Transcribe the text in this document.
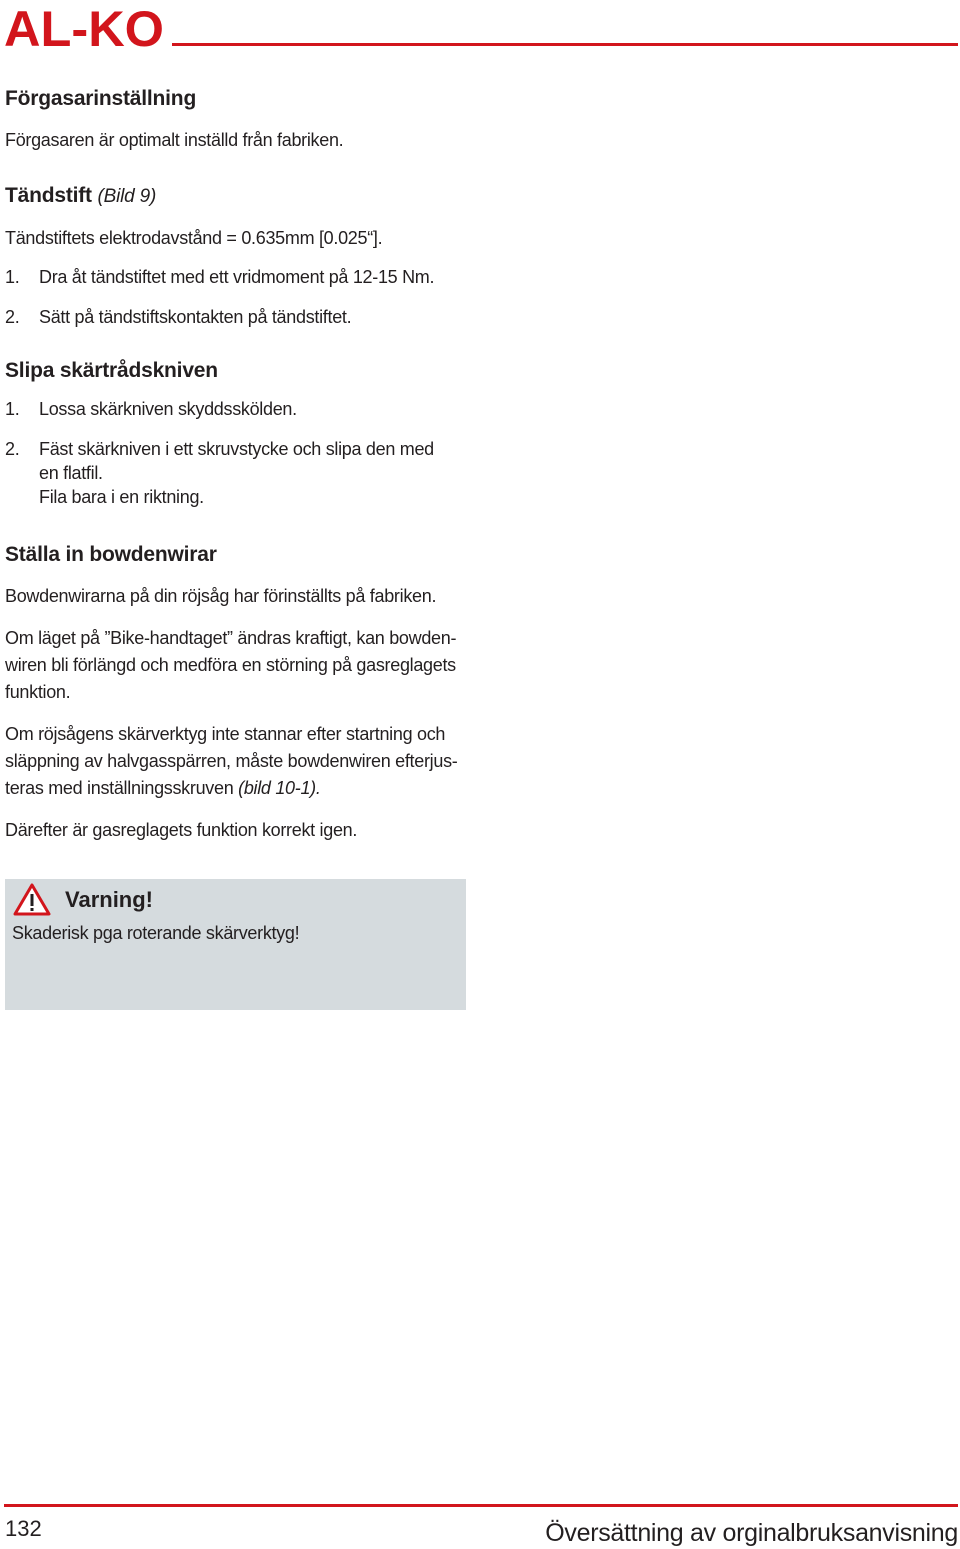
AL-KO
Förgasarinställning

Förgasaren är optimalt inställd från fabriken.

Tändstift (Bild 9)

Tändstiftets elektrodavstånd = 0.635mm [0.025“].

1.	Dra åt tändstiftet med ett vridmoment på 12-15 Nm.
2.	Sätt på tändstiftskontakten på tändstiftet.
Slipa skärtrådskniven
1.	Lossa skärkniven skyddsskölden.
2.	Fäst skärkniven i ett skruvstycke och slipa den med en flatfil.
Fila bara i en riktning.
Ställa in bowdenwirar

Bowdenwirarna på din röjsåg har förinställts på fabriken.

Om läget på ”Bike-handtaget” ändras kraftigt, kan bowden-wiren bli förlängd och medföra en störning på gasreglagets funktion.

Om röjsågens skärverktyg inte stannar efter startning och släppning av halvgasspärren, måste bowdenwiren efterjus-teras med inställningsskruven (bild 10-1).

Därefter är gasreglagets funktion korrekt igen.

Varning!
Skaderisk pga roterande skärverktyg!
132	Översättning av orginalbruksanvisning
